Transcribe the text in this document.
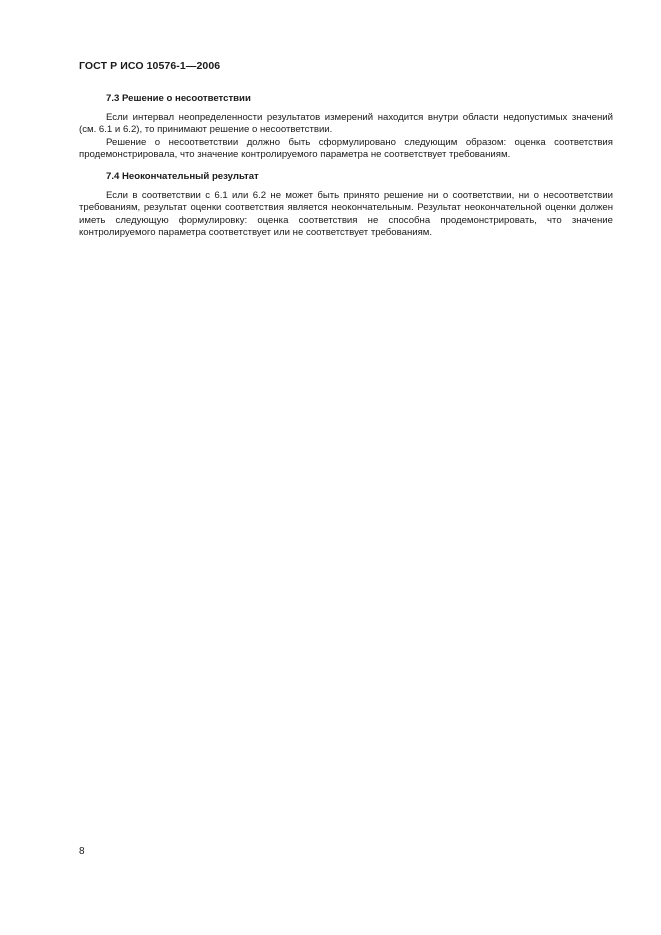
ГОСТ Р ИСО 10576-1—2006

7.3 Решение о несоответствии

Если интервал неопределенности результатов измерений находится внутри области недопустимых значений (см. 6.1 и 6.2), то принимают решение о несоответствии.

Решение о несоответствии должно быть сформулировано следующим образом: оценка соответствия продемонстрировала, что значение контролируемого параметра не соответствует требованиям.

7.4 Неокончательный результат

Если в соответствии с 6.1 или 6.2 не может быть принято решение ни о соответствии, ни о несоответствии требованиям, результат оценки соответствия является неокончательным. Результат неокончательной оценки должен иметь следующую формулировку: оценка соответствия не способна продемонстрировать, что значение контролируемого параметра соответствует или не соответствует требованиям.

8
